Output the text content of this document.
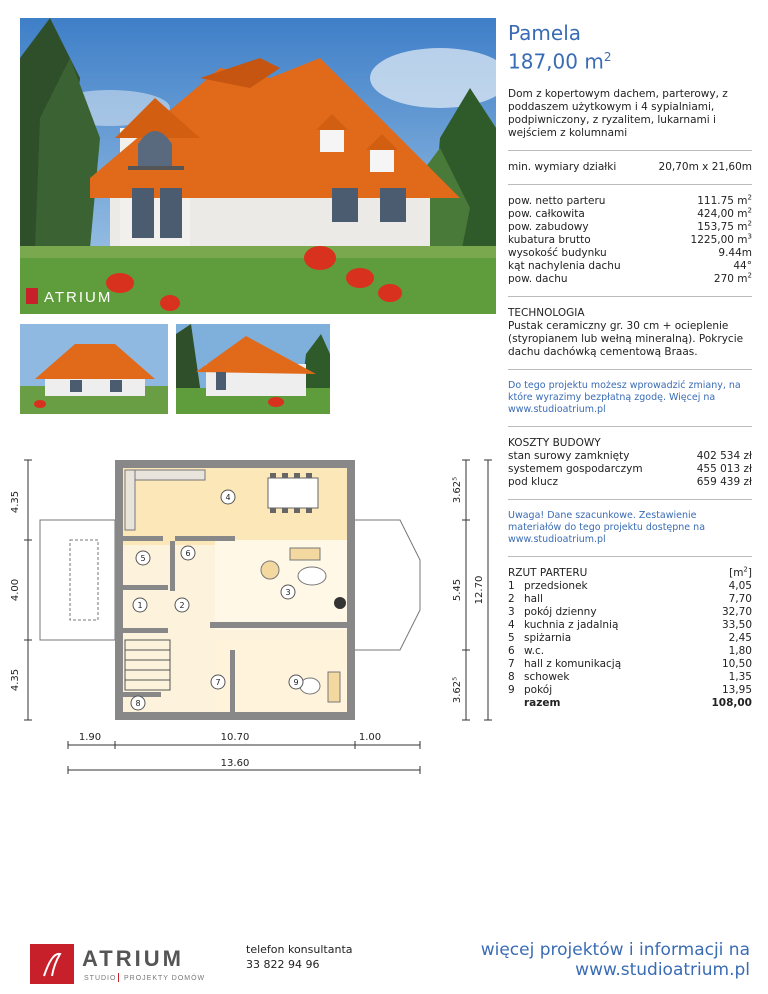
ATRIUM
Pamela
187,00 $m^2$
Dom z kopertowym dachem, parterowy, z poddaszem użytkowym i 4 sypialniami, podpiwniczony, z ryzalitem, lukarnami i wejściem z kolumnami
min. wymiary działki	20,70m x 21,60m
pow. netto parteru	111.75 $m^2$
pow. całkowita	424,00 $m^2$
pow. zabudowy	153,75 $m^2$
kubatura brutto	1225,00 $m^3$
wysokość budynku	9.44m
kąt nachylenia dachu	44°
pow. dachu	270 $m^2$
TECHNOLOGIA
Pustak ceramiczny gr. 30 cm + ocieplenie (styropianem lub wełną mineralną). Pokrycie dachu dachówką cementową Braas.
Do tego projektu możesz wprowadzić zmiany, na które wyrazimy bezpłatną zgodę. Więcej na www.studioatrium.pl
KOSZTY BUDOWY
stan surowy zamknięty	402 534 zł
systemem gospodarczym	455 013 zł
pod klucz	659 439 zł
Uwaga! Dane szacunkowe. Zestawienie materiałów do tego projektu dostępne na www.studioatrium.pl
RZUT PARTERU	$[m^2]$
1 przedsionek	4,05
2 hall	7,70
3 pokój dzienny	32,70
4 kuchnia z jadalnią	33,50
5 spiżarnia	2,45
6 w.c.	1,80
7 hall z komunikacją	10,50
8 schowek	1,35
9 pokój	13,95
razem	108,00
1	2
3
4
5
6
7
8
9
4.35
4.00
4.35
3.62⁵
5.45
3.62⁵
12.70
1.90	10.70	1.00
13.60
ATRIUM
STUDIO PROJEKTY DOMÓW
telefon konsultanta
33 822 94 96
więcej projektów i informacji na
www.studioatrium.pl
